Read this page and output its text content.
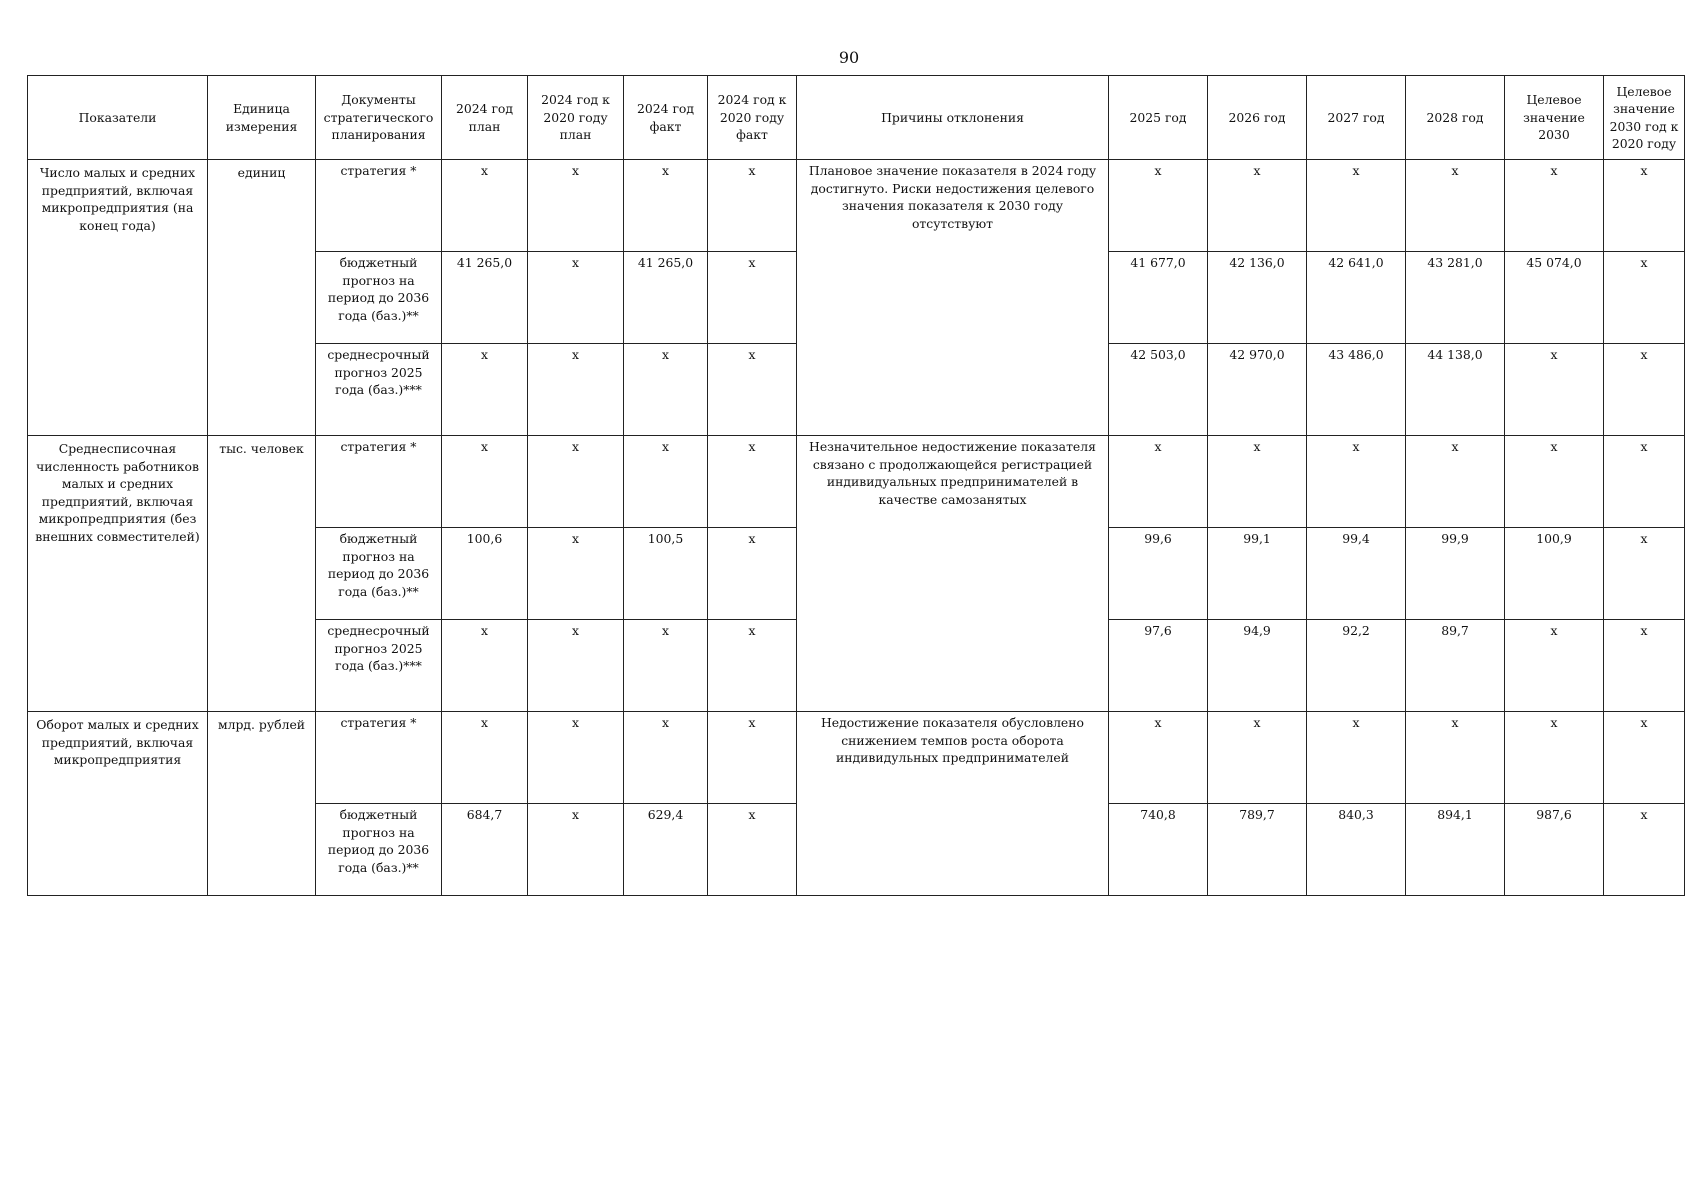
90
Показатели	Единица измерения	Документы стратегического планирования	2024 год план	2024 год к 2020 году план	2024 год факт	2024 год к 2020 году факт	Причины отклонения	2025 год	2026 год	2027 год	2028 год	Целевое значение 2030	Целевое значение 2030 год к 2020 году
Число малых и средних предприятий, включая микропредприятия (на конец года)	единиц	стратегия *	x	x	x	x	Плановое значение показателя в 2024 году достигнуто. Риски недостижения целевого значения показателя к 2030 году отсутствуют	x	x	x	x	x	x
		бюджетный прогноз на период до 2036 года (баз.)**	41 265,0	x	41 265,0	x		41 677,0	42 136,0	42 641,0	43 281,0	45 074,0	x
		среднесрочный прогноз 2025 года (баз.)***	x	x	x	x		42 503,0	42 970,0	43 486,0	44 138,0	x	x
Среднесписочная численность работников малых и средних предприятий, включая микропредприятия (без внешних совместителей)	тыс. человек	стратегия *	x	x	x	x	Незначительное недостижение показателя связано с продолжающейся регистрацией индивидуальных предпринимателей в качестве самозанятых	x	x	x	x	x	x
		бюджетный прогноз на период до 2036 года (баз.)**	100,6	x	100,5	x		99,6	99,1	99,4	99,9	100,9	x
		среднесрочный прогноз 2025 года (баз.)***	x	x	x	x		97,6	94,9	92,2	89,7	x	x
Оборот малых и средних предприятий, включая микропредприятия	млрд. рублей	стратегия *	x	x	x	x	Недостижение показателя обусловлено снижением темпов роста оборота индивидульных предпринимателей	x	x	x	x	x	x
		бюджетный прогноз на период до 2036 года (баз.)**	684,7	x	629,4	x		740,8	789,7	840,3	894,1	987,6	x
